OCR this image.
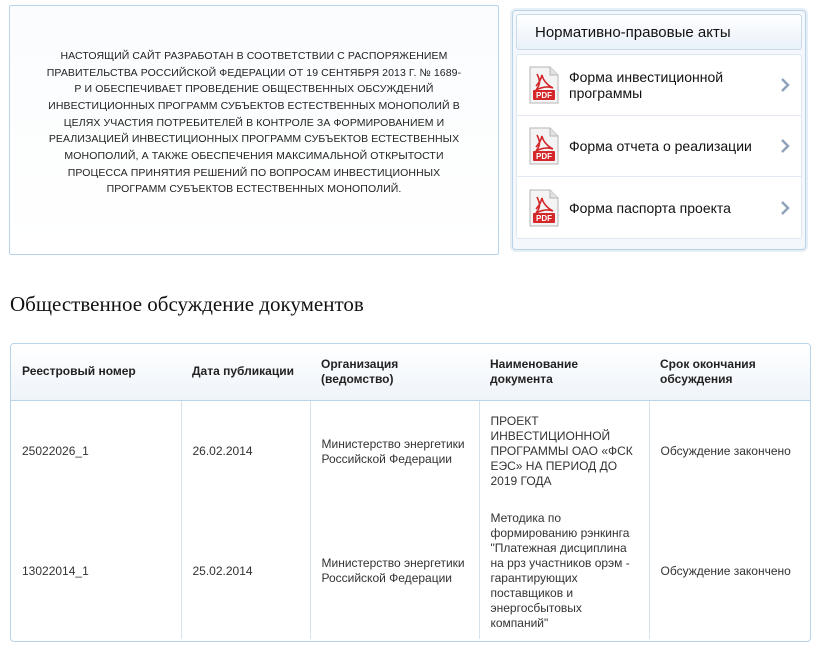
НАСТОЯЩИЙ САЙТ РАЗРАБОТАН В СООТВЕТСТВИИ С РАСПОРЯЖЕНИЕМ ПРАВИТЕЛЬСТВА РОССИЙСКОЙ ФЕДЕРАЦИИ ОТ 19 СЕНТЯБРЯ 2013 Г. № 1689-Р И ОБЕСПЕЧИВАЕТ ПРОВЕДЕНИЕ ОБЩЕСТВЕННЫХ ОБСУЖДЕНИЙ ИНВЕСТИЦИОННЫХ ПРОГРАММ СУБЪЕКТОВ ЕСТЕСТВЕННЫХ МОНОПОЛИЙ В ЦЕЛЯХ УЧАСТИЯ ПОТРЕБИТЕЛЕЙ В КОНТРОЛЕ ЗА ФОРМИРОВАНИЕМ И РЕАЛИЗАЦИЕЙ ИНВЕСТИЦИОННЫХ ПРОГРАММ СУБЪЕКТОВ ЕСТЕСТВЕННЫХ МОНОПОЛИЙ, А ТАКЖЕ ОБЕСПЕЧЕНИЯ МАКСИМАЛЬНОЙ ОТКРЫТОСТИ ПРОЦЕССА ПРИНЯТИЯ РЕШЕНИЙ ПО ВОПРОСАМ ИНВЕСТИЦИОННЫХ ПРОГРАММ СУБЪЕКТОВ ЕСТЕСТВЕННЫХ МОНОПОЛИЙ.
Нормативно-правовые акты
PDF
Форма инвестиционной программы
PDF
Форма отчета о реализации
PDF
Форма паспорта проекта
Общественное обсуждение документов
Реестровый номер	Дата публикации	Организация (ведомство)	Наименование документа	Срок окончания обсуждения
25022026_1	26.02.2014	Министерство энергетики Российской Федерации	ПРОЕКТ ИНВЕСТИЦИОННОЙ ПРОГРАММЫ ОАО «ФСК ЕЭС» НА ПЕРИОД ДО 2019 ГОДА	Обсуждение закончено
13022014_1	25.02.2014	Министерство энергетики Российской Федерации	Методика по формированию рэнкинга "Платежная дисциплина на ррз участников орэм - гарантирующих поставщиков и энергосбытовых компаний"	Обсуждение закончено
